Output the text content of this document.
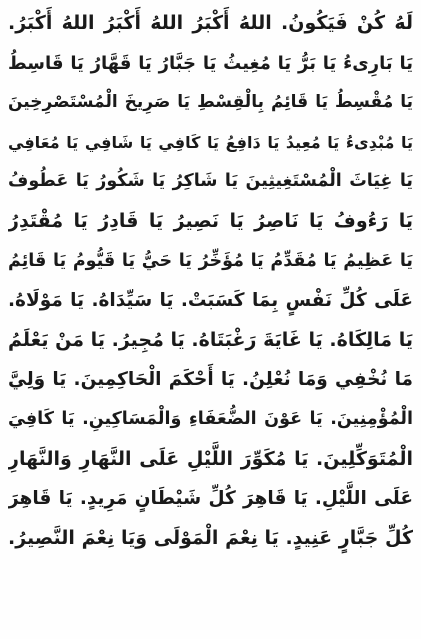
لَهُ كُنْ فَيَكُونُ. اللهُ أَكْبَرُ اللهُ أَكْبَرُ اللهُ أَكْبَرُ.
يَا بَارِىءُ يَا بَرُّ يَا مُغِيثُ يَا جَبَّارُ يَا قَهَّارُ يَا قَاسِطُ
يَا مُقْسِطُ يَا قَائِمُ بِالْقِسْطِ يَا صَرِيخَ الْمُسْتَصْرِخِينَ
يَا مُبْدِىءُ يَا مُعِيدُ يَا دَافِعُ يَا كَافِي يَا شَافِي يَا مُعَافِي
يَا غِيَاثَ الْمُسْتَغِيثِينَ يَا شَاكِرُ يَا شَكُورُ يَا عَطُوفُ
يَا رَءُوفُ يَا نَاصِرُ يَا نَصِيرُ يَا قَادِرُ يَا مُقْتَدِرُ
يَا عَظِيمُ يَا مُقَدِّمُ يَا مُؤَخِّرُ يَا حَيُّ يَا قَيُّومُ يَا قَائِمُ
عَلَى كُلِّ نَفْسٍ بِمَا كَسَبَتْ. يَا سَيِّدَاهُ. يَا مَوْلَاهُ.
يَا مَالِكَاهُ. يَا غَايَةَ رَغْبَتَاهُ. يَا مُجِيرُ. يَا مَنْ يَعْلَمُ
مَا نُخْفِي وَمَا نُعْلِنُ. يَا أَحْكَمَ الْحَاكِمِينَ. يَا وَلِيَّ
الْمُؤْمِنِينَ. يَا عَوْنَ الضُّعَفَاءِ وَالْمَسَاكِينِ. يَا كَافِيَ
الْمُتَوَكِّلِينَ. يَا مُكَوِّرَ اللَّيْلِ عَلَى النَّهَارِ وَالنَّهَارِ
عَلَى اللَّيْلِ. يَا قَاهِرَ كُلِّ شَيْطَانٍ مَرِيدٍ. يَا قَاهِرَ
كُلِّ جَبَّارٍ عَنِيدٍ. يَا نِعْمَ الْمَوْلَى وَيَا نِعْمَ النَّصِيرُ.
